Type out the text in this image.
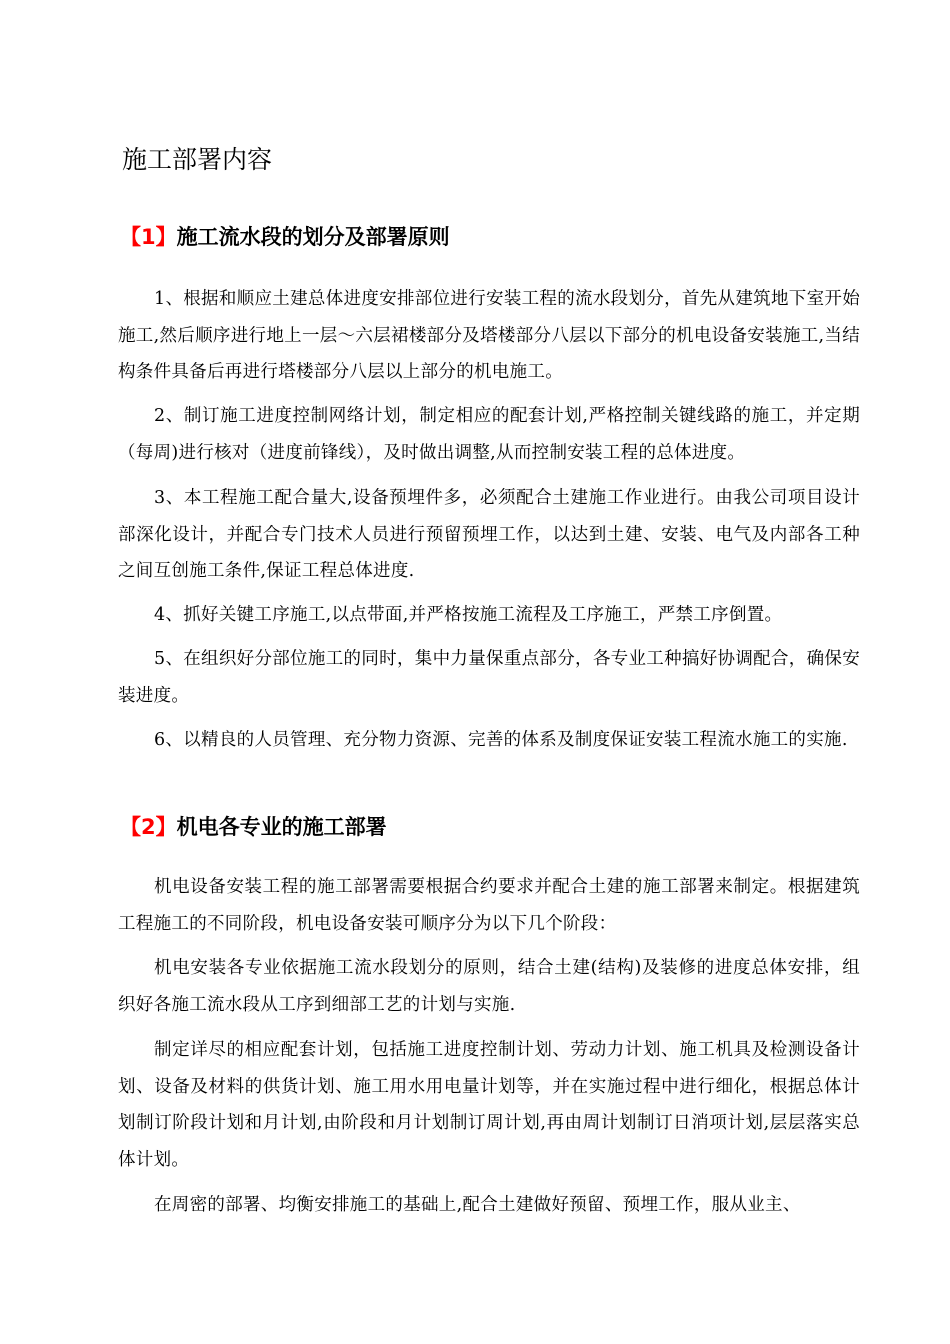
施工部署内容
【1】施工流水段的划分及部署原则

1、根据和顺应土建总体进度安排部位进行安装工程的流水段划分，首先从建筑地下室开始施工,然后顺序进行地上一层～六层裙楼部分及塔楼部分八层以下部分的机电设备安装施工,当结构条件具备后再进行塔楼部分八层以上部分的机电施工。

2、制订施工进度控制网络计划，制定相应的配套计划,严格控制关键线路的施工，并定期（每周)进行核对（进度前锋线），及时做出调整,从而控制安装工程的总体进度。

3、本工程施工配合量大,设备预埋件多，必须配合土建施工作业进行。由我公司项目设计部深化设计，并配合专门技术人员进行预留预埋工作，以达到土建、安装、电气及内部各工种之间互创施工条件,保证工程总体进度.

4、抓好关键工序施工,以点带面,并严格按施工流程及工序施工，严禁工序倒置。

5、在组织好分部位施工的同时，集中力量保重点部分，各专业工种搞好协调配合，确保安装进度。

6、以精良的人员管理、充分物力资源、完善的体系及制度保证安装工程流水施工的实施.

【2】机电各专业的施工部署

机电设备安装工程的施工部署需要根据合约要求并配合土建的施工部署来制定。根据建筑工程施工的不同阶段，机电设备安装可顺序分为以下几个阶段：

机电安装各专业依据施工流水段划分的原则，结合土建(结构)及装修的进度总体安排，组织好各施工流水段从工序到细部工艺的计划与实施.

制定详尽的相应配套计划，包括施工进度控制计划、劳动力计划、施工机具及检测设备计划、设备及材料的供货计划、施工用水用电量计划等，并在实施过程中进行细化，根据总体计划制订阶段计划和月计划,由阶段和月计划制订周计划,再由周计划制订日消项计划,层层落实总体计划。

在周密的部署、均衡安排施工的基础上,配合土建做好预留、预埋工作，服从业主、
